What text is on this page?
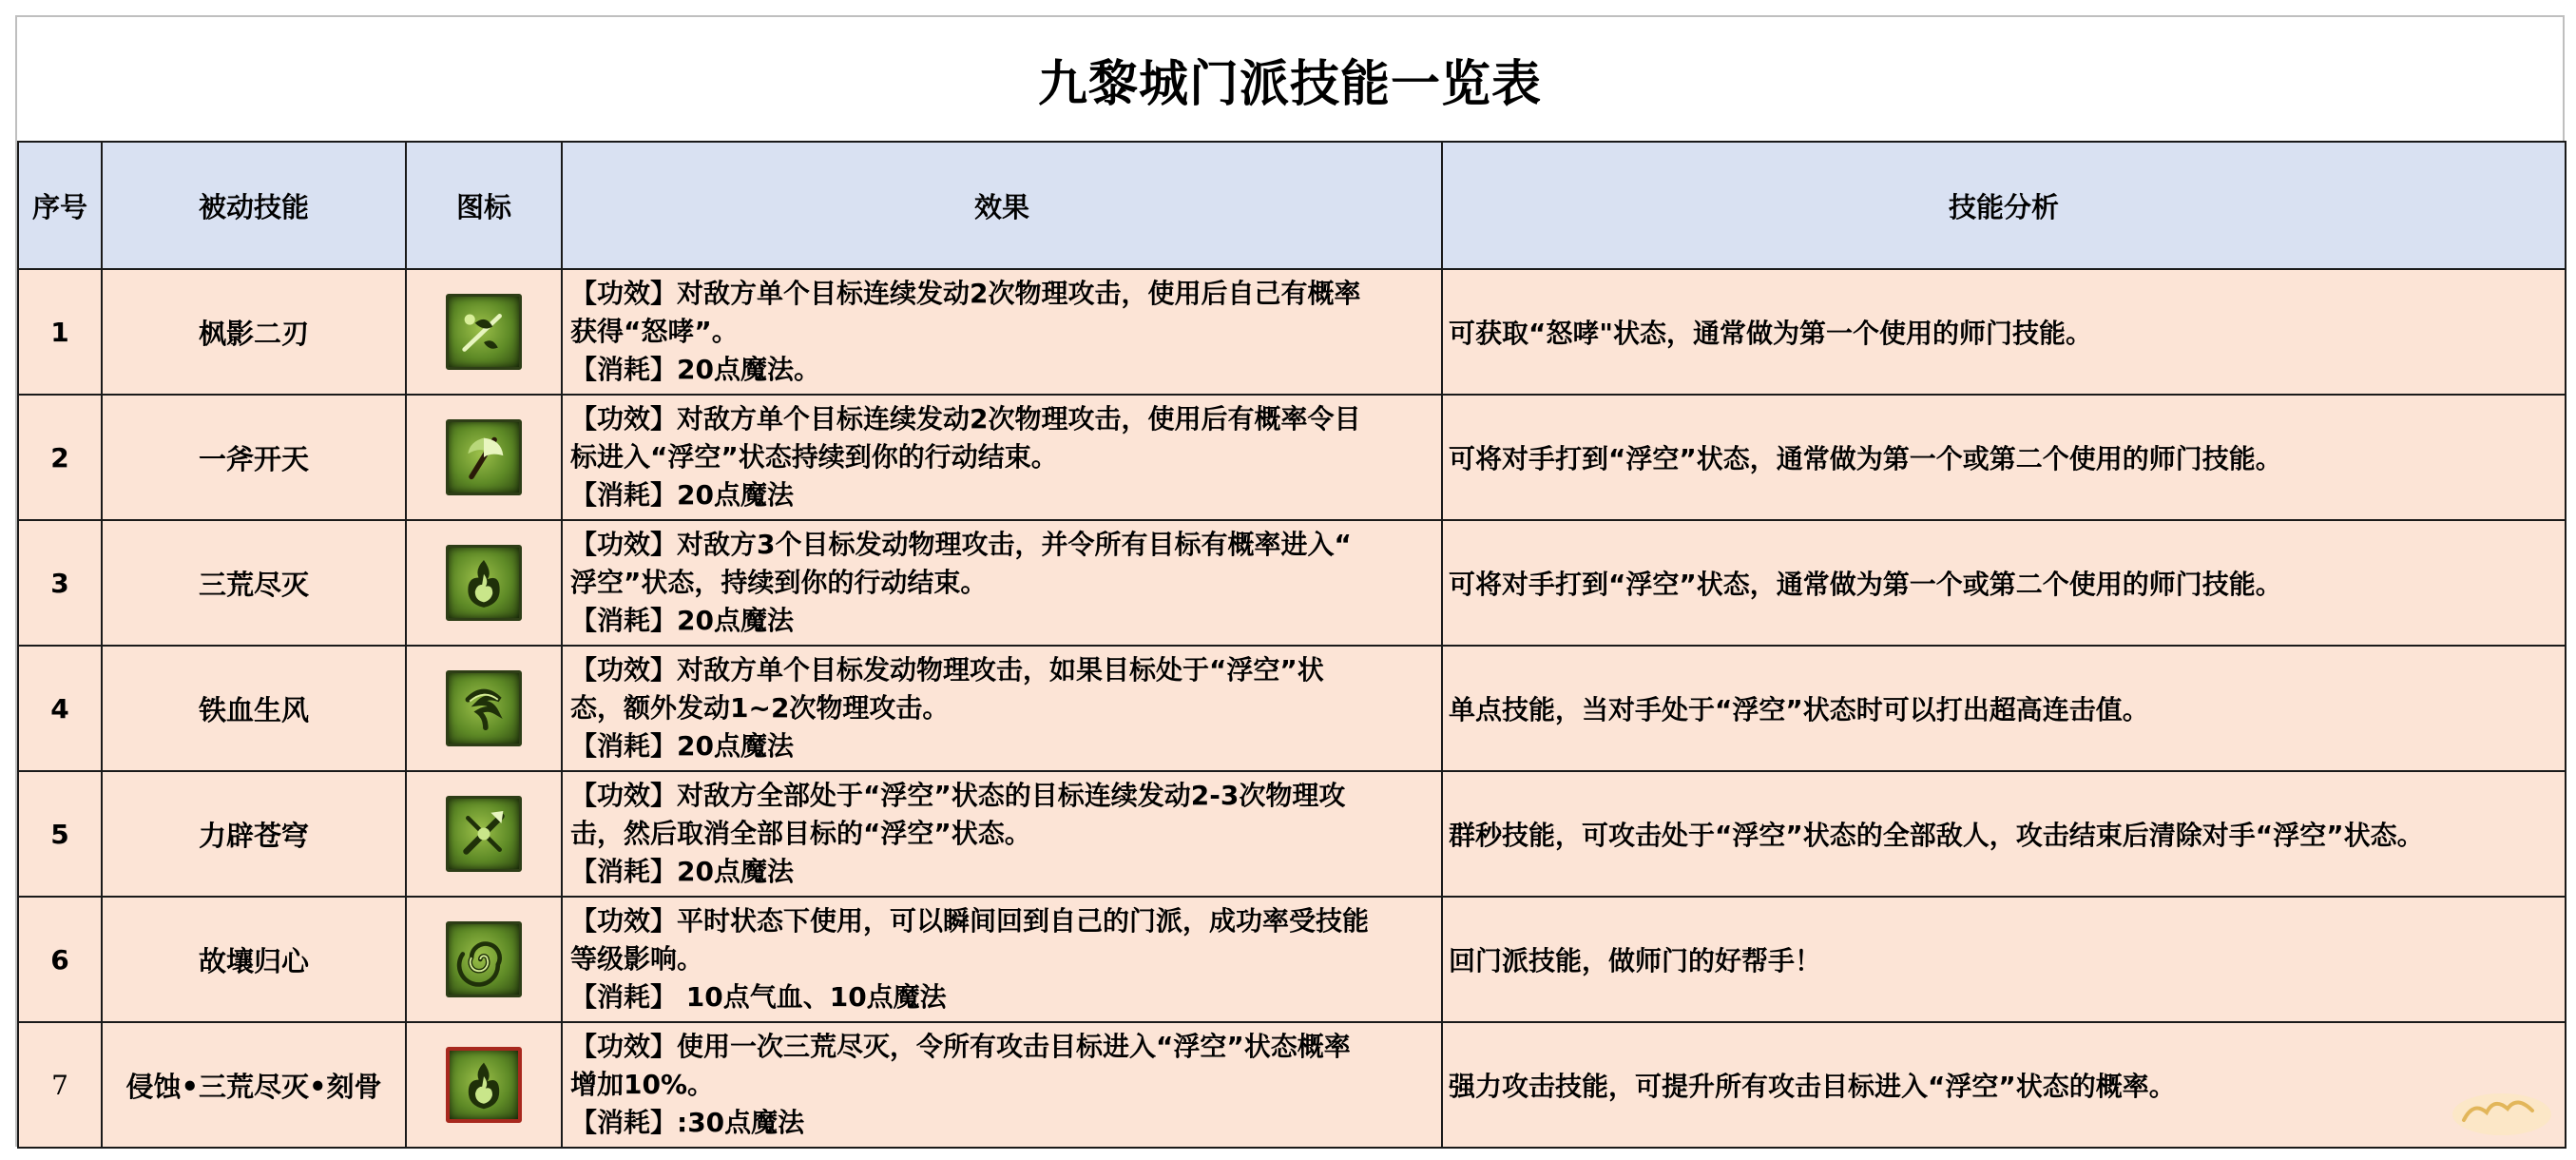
九黎城门派技能一览表
序号	被动技能	图标	效果	技能分析
1	枫影二刃		【功效】对敌方单个目标连续发动2次物理攻击，使用后自己有概率
获得“怒哮”。
【消耗】20点魔法。	可获取“怒哮"状态，通常做为第一个使用的师门技能。
2	一斧开天		【功效】对敌方单个目标连续发动2次物理攻击，使用后有概率令目
标进入“浮空”状态持续到你的行动结束。
【消耗】20点魔法	可将对手打到“浮空”状态，通常做为第一个或第二个使用的师门技能。
3	三荒尽灭		【功效】对敌方3个目标发动物理攻击，并令所有目标有概率进入“
浮空”状态，持续到你的行动结束。
【消耗】20点魔法	可将对手打到“浮空”状态，通常做为第一个或第二个使用的师门技能。
4	铁血生风		【功效】对敌方单个目标发动物理攻击，如果目标处于“浮空”状
态，额外发动1~2次物理攻击。
【消耗】20点魔法	单点技能，当对手处于“浮空”状态时可以打出超高连击值。
5	力辟苍穹		【功效】对敌方全部处于“浮空”状态的目标连续发动2-3次物理攻
击，然后取消全部目标的“浮空”状态。
【消耗】20点魔法	群秒技能，可攻击处于“浮空”状态的全部敌人，攻击结束后清除对手“浮空”状态。
6	故壤归心		【功效】平时状态下使用，可以瞬间回到自己的门派，成功率受技能
等级影响。
【消耗】 10点气血、10点魔法	回门派技能，做师门的好帮手！
7	侵蚀•三荒尽灭•刻骨		【功效】使用一次三荒尽灭，令所有攻击目标进入“浮空”状态概率
增加10%。
【消耗】:30点魔法	强力攻击技能，可提升所有攻击目标进入“浮空”状态的概率。
